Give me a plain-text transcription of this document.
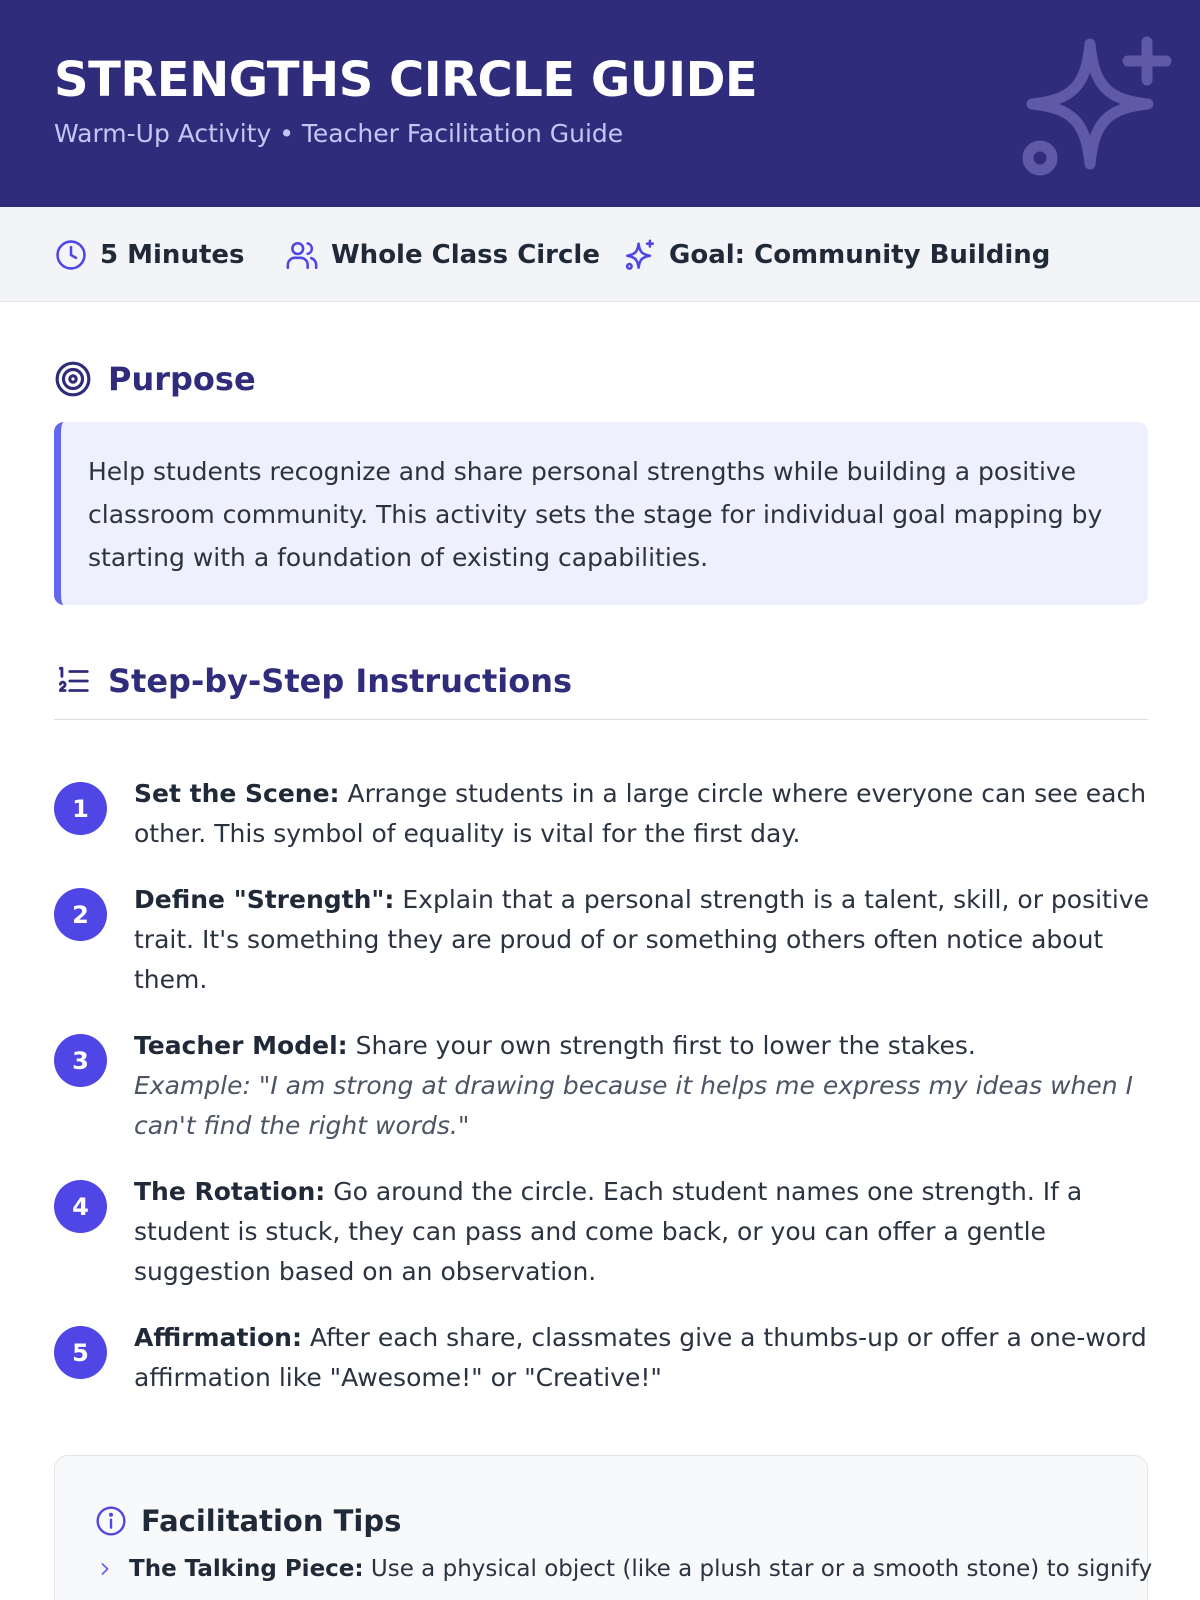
STRENGTHS CIRCLE GUIDE
Warm-Up Activity • Teacher Facilitation Guide
5 Minutes	Whole Class Circle	Goal: Community Building
Purpose
Help students recognize and share personal strengths while building a positive classroom community. This activity sets the stage for individual goal mapping by starting with a foundation of existing capabilities.
Step-by-Step Instructions
1
Set the Scene: Arrange students in a large circle where everyone can see each other. This symbol of equality is vital for the first day.
2
Define "Strength": Explain that a personal strength is a talent, skill, or positive trait. It's something they are proud of or something others often notice about them.
3
Teacher Model: Share your own strength first to lower the stakes.
Example: "I am strong at drawing because it helps me express my ideas when I can't find the right words."
4
The Rotation: Go around the circle. Each student names one strength. If a student is stuck, they can pass and come back, or you can offer a gentle suggestion based on an observation.
5
Affirmation: After each share, classmates give a thumbs-up or offer a one-word affirmation like "Awesome!" or "Creative!"
Facilitation Tips
The Talking Piece: Use a physical object (like a plush star or a smooth stone) to signify
